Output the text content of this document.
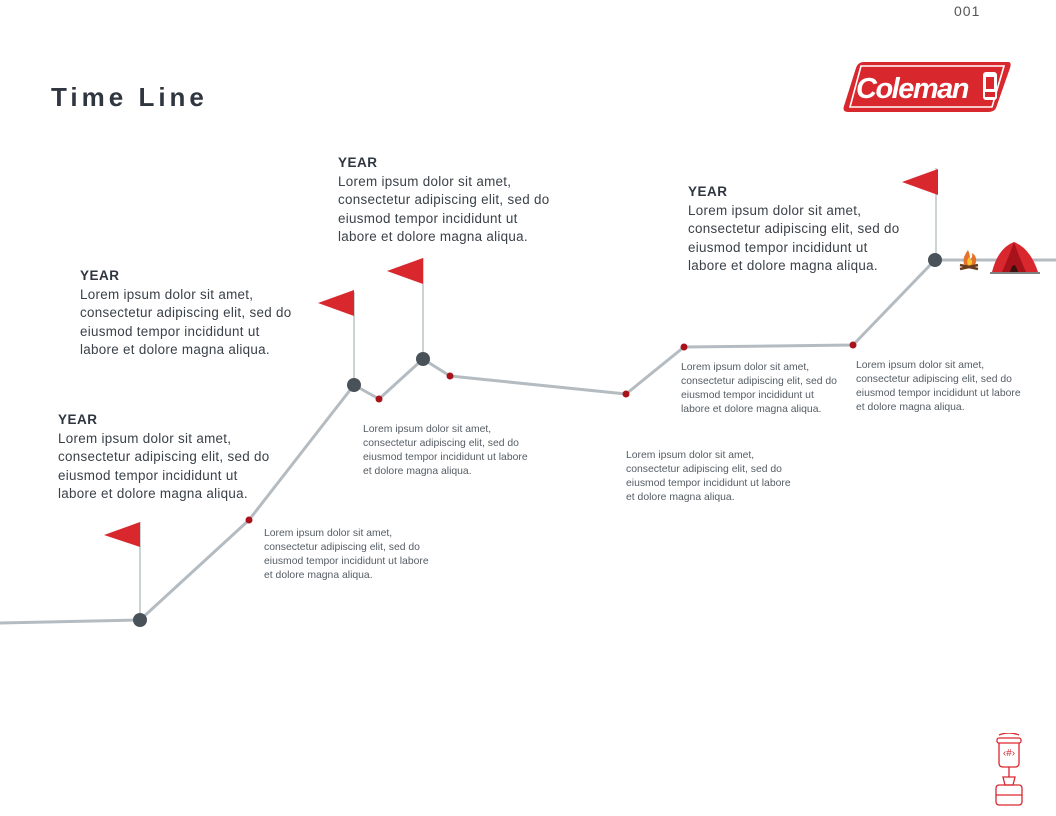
001
Time Line	Coleman
YEAR
Lorem ipsum dolor sit amet, consectetur adipiscing elit, sed do eiusmod tempor incididunt ut labore et dolore magna aliqua.
YEAR
Lorem ipsum dolor sit amet, consectetur adipiscing elit, sed do eiusmod tempor incididunt ut labore et dolore magna aliqua.
YEAR
Lorem ipsum dolor sit amet, consectetur adipiscing elit, sed do eiusmod tempor incididunt ut labore et dolore magna aliqua.
YEAR
Lorem ipsum dolor sit amet, consectetur adipiscing elit, sed do eiusmod tempor incididunt ut labore et dolore magna aliqua.
Lorem ipsum dolor sit amet, consectetur adipiscing elit, sed do eiusmod tempor incididunt ut labore et dolore magna aliqua.
Lorem ipsum dolor sit amet, consectetur adipiscing elit, sed do eiusmod tempor incididunt ut labore et dolore magna aliqua.
Lorem ipsum dolor sit amet, consectetur adipiscing elit, sed do eiusmod tempor incididunt ut labore et dolore magna aliqua.
Lorem ipsum dolor sit amet, consectetur adipiscing elit, sed do eiusmod tempor incididunt ut labore et dolore magna aliqua.
Lorem ipsum dolor sit amet, consectetur adipiscing elit, sed do eiusmod tempor incididunt ut labore et dolore magna aliqua.
‹#›
